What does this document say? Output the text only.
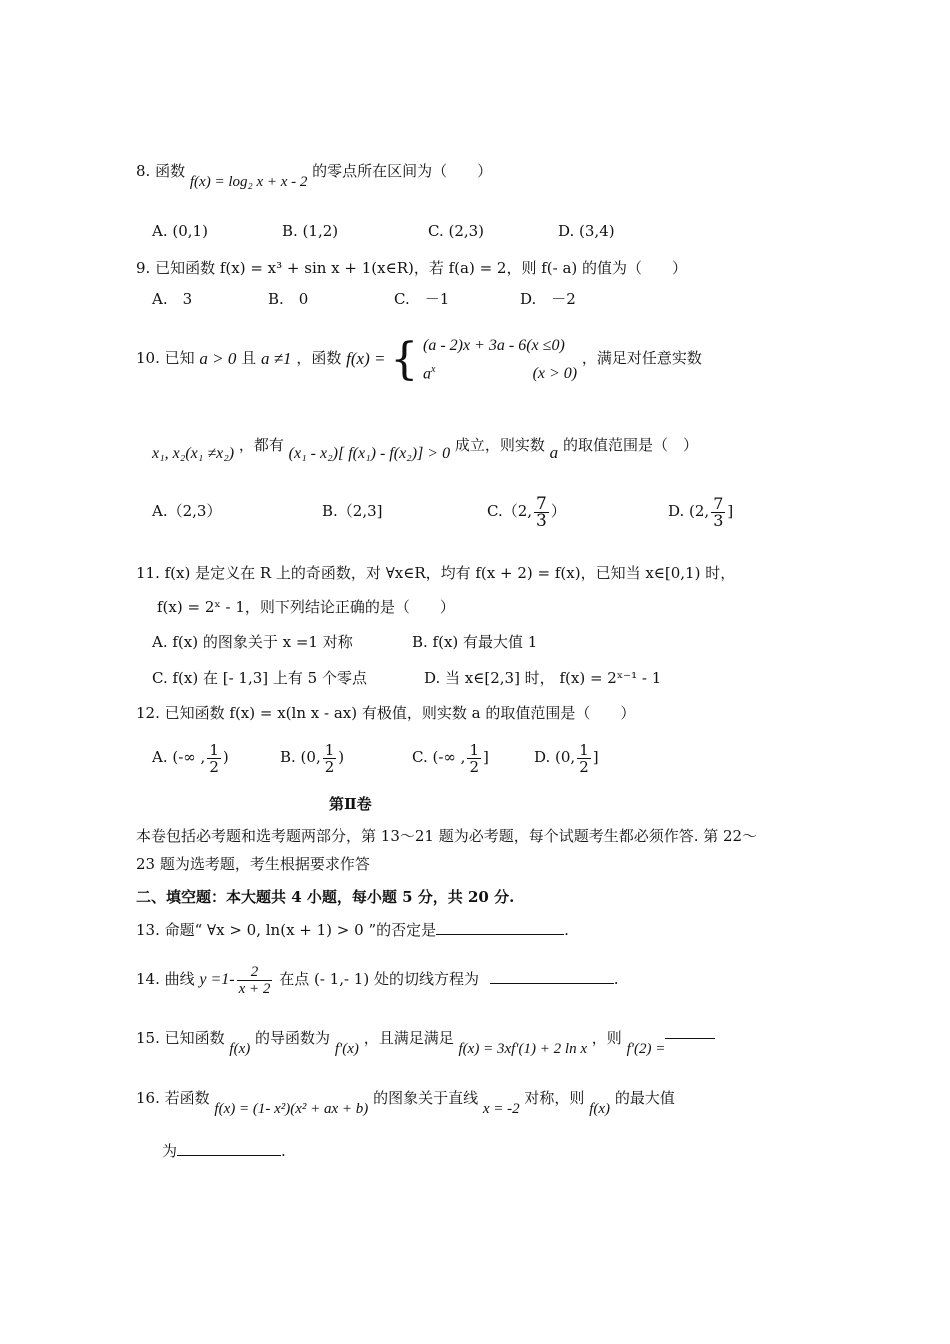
8. 函数 f(x) = log₂ x + x - 2 的零点所在区间为（　　）
A. (0,1)	B. (1,2)	C. (2,3)	D. (3,4)
9. 已知函数 f(x) = x³ + sin x + 1(x∈R)，若 f(a) = 2，则 f(- a) 的值为（　　）
A.　3	B.　0	C.　－1	D.　－2
10. 已知 a > 0 且 a ≠1 ，函数 f(x) = { (a - 2)x + 3a - 6(x ≤0)
$a^x$	(x > 0)
，满足对任意实数
x₁, x₂(x₁ ≠x₂) ，都有 (x₁ - x₂)[ f(x₁) - f(x₂)] > 0 成立，则实数 a 的取值范围是（　）
A.（2,3）	B.（2,3]	C.（2, $\frac{7}{3}$ ）	D. (2, $\frac{7}{3}$ ]
11. f(x) 是定义在 R 上的奇函数，对 ∀x∈R，均有 f(x + 2) = f(x)，已知当 x∈[0,1) 时，
f(x) = 2ˣ - 1，则下列结论正确的是（　　）
A. f(x) 的图象关于 x =1 对称	B. f(x) 有最大值 1
C. f(x) 在 [- 1,3] 上有 5 个零点	D. 当 x∈[2,3] 时， f(x) = 2ˣ⁻¹ - 1
12. 已知函数 f(x) = x(ln x - ax) 有极值，则实数 a 的取值范围是（　　）
A. (-∞ , $\frac{1}{2}$ )	B. (0, $\frac{1}{2}$ )	C. (-∞ , $\frac{1}{2}$ ]	D. (0, $\frac{1}{2}$ ]
第Ⅱ卷
本卷包括必考题和选考题两部分，第 13～21 题为必考题，每个试题考生都必须作答. 第 22～
23 题为选考题，考生根据要求作答
二、填空题：本大题共 4 小题，每小题 5 分，共 20 分.
13. 命题“ ∀x > 0, ln(x + 1) > 0 ”的否定是	.
14. 曲线 $y =1- \frac{2}{x + 2}$ 在点 (- 1,- 1) 处的切线方程为	.
15. 已知函数 f(x) 的导函数为 f′(x) ，且满足满足 f(x) = 3xf′(1) + 2 ln x ，则 f′(2) =
16. 若函数 f(x) = (1- x²)(x² + ax + b) 的图象关于直线 x = -2 对称，则 f(x) 的最大值
为	.
